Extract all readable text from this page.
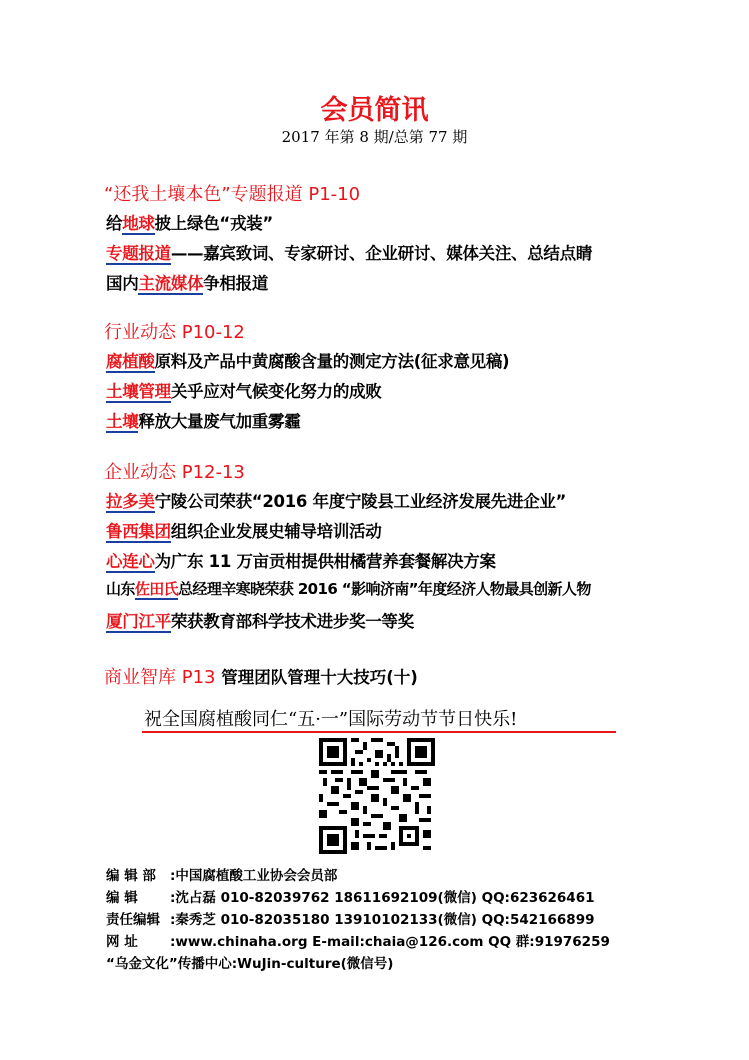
会员简讯
2017 年第 8 期/总第 77 期
“还我土壤本色”专题报道 P1-10
给地球披上绿色“戎装”
专题报道——嘉宾致词、专家研讨、企业研讨、媒体关注、总结点睛
国内主流媒体争相报道
行业动态 P10-12
腐植酸原料及产品中黄腐酸含量的测定方法(征求意见稿)
土壤管理关乎应对气候变化努力的成败
土壤释放大量废气加重雾霾
企业动态 P12-13
拉多美宁陵公司荣获“2016 年度宁陵县工业经济发展先进企业”
鲁西集团组织企业发展史辅导培训活动
心连心为广东 11 万亩贡柑提供柑橘营养套餐解决方案
山东佐田氏总经理辛寒晓荣获 2016 “影响济南”年度经济人物最具创新人物
厦门江平荣获教育部科学技术进步奖一等奖
商业智库 P13 管理团队管理十大技巧(十)
祝全国腐植酸同仁“五·一”国际劳动节节日快乐!
编 辑 部 :中国腐植酸工业协会会员部
编 辑 :沈占磊 010-82039762 18611692109(微信) QQ:623626461
责任编辑 :秦秀芝 010-82035180 13910102133(微信) QQ:542166899
网 址 :www.chinaha.org E-mail:chaia@126.com QQ 群:91976259
“乌金文化”传播中心:WuJin-culture(微信号)
